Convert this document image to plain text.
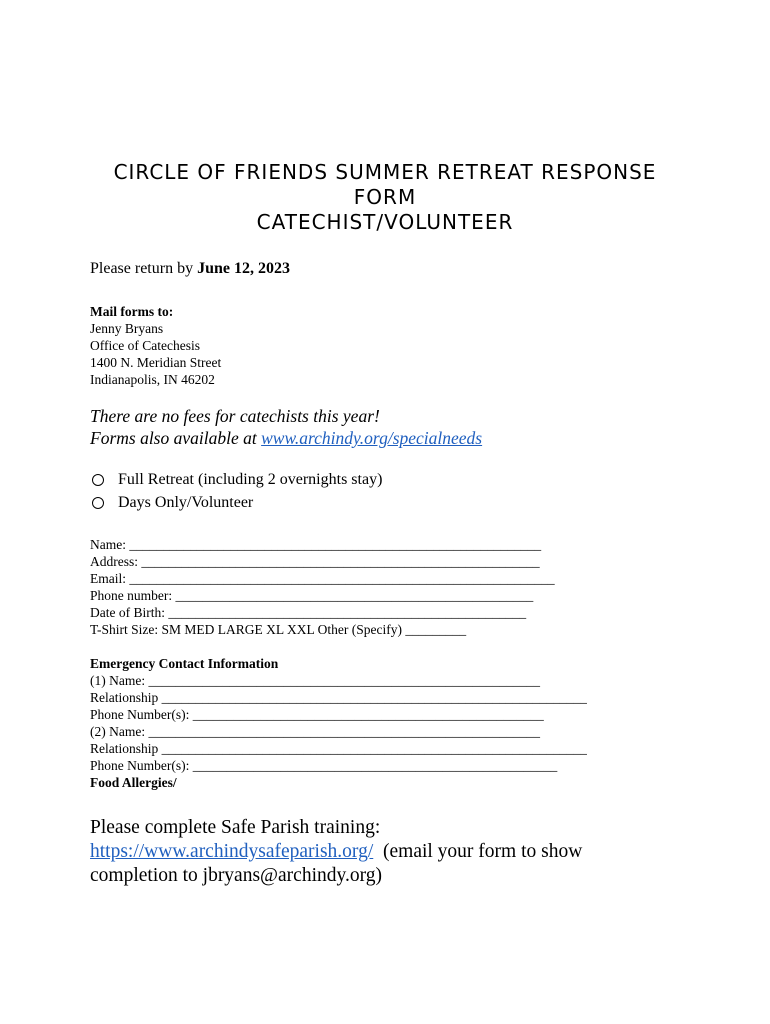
CIRCLE OF FRIENDS SUMMER RETREAT RESPONSE
FORM
CATECHIST/VOLUNTEER
Please return by June 12, 2023
Mail forms to:
Jenny Bryans
Office of Catechesis
1400 N. Meridian Street
Indianapolis, IN 46202
There are no fees for catechists this year!
Forms also available at www.archindy.org/specialneeds
Full Retreat (including 2 overnights stay)
Days Only/Volunteer
Name: _____________________________________________________________
Address: ___________________________________________________________
Email: _______________________________________________________________
Phone number: _____________________________________________________
Date of Birth: _____________________________________________________
T-Shirt Size: SM MED LARGE XL XXL Other (Specify) _________
Emergency Contact Information
(1) Name: __________________________________________________________
Relationship _______________________________________________________________
Phone Number(s): ____________________________________________________
(2) Name: __________________________________________________________
Relationship _______________________________________________________________
Phone Number(s): ______________________________________________________
Food Allergies/
Please complete Safe Parish training:
https://www.archindysafeparish.org/  (email your form to show
completion to jbryans@archindy.org)
